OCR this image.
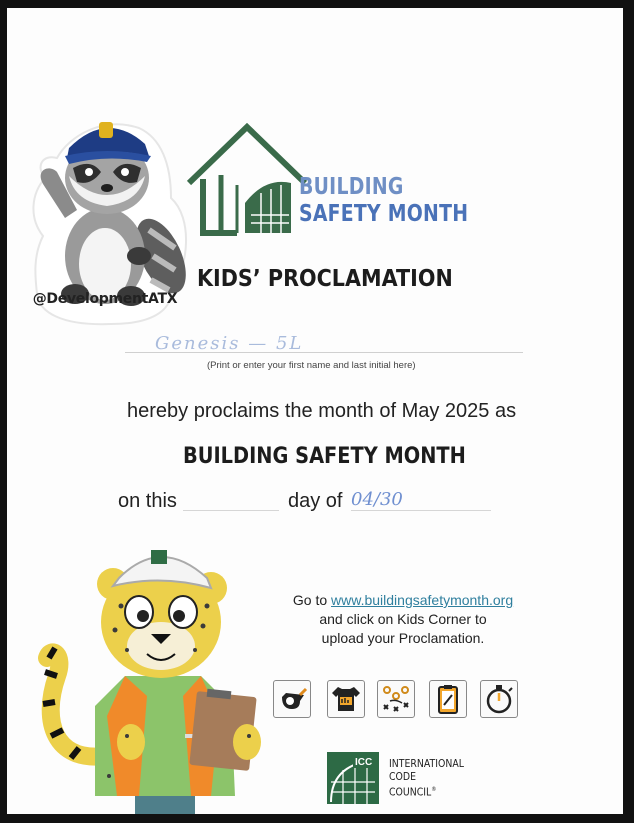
@DevelopmentATX
BUILDING
SAFETY MONTH
KIDS’ PROCLAMATION
Genesis — 5L
(Print or enter your first name and last initial here)
hereby proclaims the month of May 2025 as
BUILDING SAFETY MONTH
on this	day of 04/30
Go to www.buildingsafetymonth.org
and click on Kids Corner to
upload your Proclamation.
ICC INTERNATIONAL
CODE
COUNCIL®
